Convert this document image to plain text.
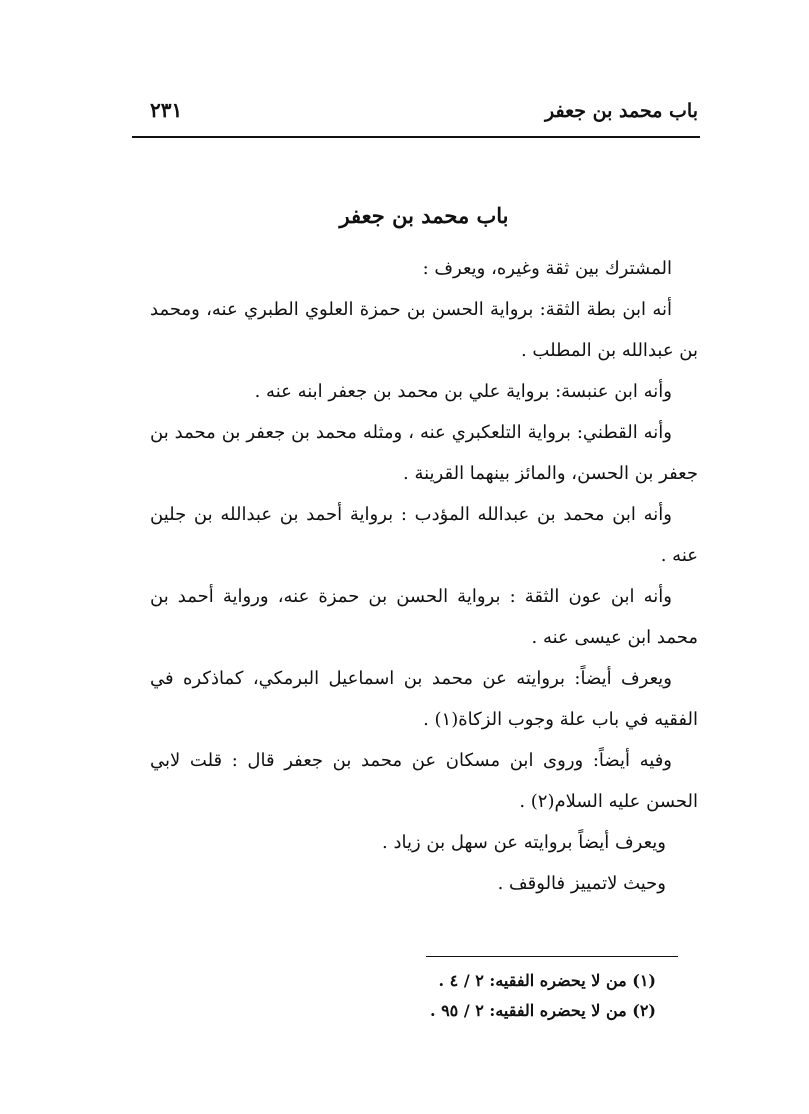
باب محمد بن جعفر
٢٣١
باب محمد بن جعفر

المشترك بين ثقة وغيره، ويعرف :

أنه ابن بطة الثقة: برواية الحسن بن حمزة العلوي الطبري عنه، ومحمد بن عبدالله بن المطلب .

وأنه ابن عنبسة: برواية علي بن محمد بن جعفر ابنه عنه .

وأنه القطني: برواية التلعكبري عنه ، ومثله محمد بن جعفر بن محمد بن جعفر بن الحسن، والمائز بينهما القرينة .

وأنه ابن محمد بن عبدالله المؤدب : برواية أحمد بن عبدالله بن جلين عنه .

وأنه ابن عون الثقة : برواية الحسن بن حمزة عنه، ورواية أحمد بن محمد ابن عيسى عنه .

ويعرف أيضاً: بروايته عن محمد بن اسماعيل البرمكي، كماذكره في الفقيه في باب علة وجوب الزكاة(١) .

وفيه أيضاً: وروى ابن مسكان عن محمد بن جعفر قال : قلت لابي الحسن عليه السلام(٢) .

ويعرف أيضاً بروايته عن سهل بن زياد .

وحيث لاتمييز فالوقف .

(١) من لا يحضره الفقيه: ٢ / ٤ .

(٢) من لا يحضره الفقيه: ٢ / ٩٥ .
